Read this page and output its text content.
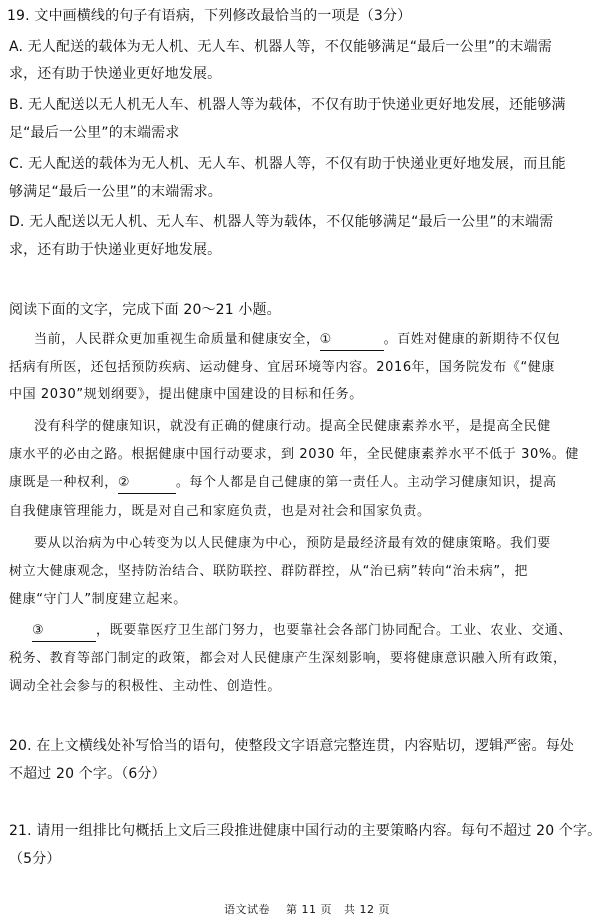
19. 文中画横线的句子有语病，下列修改最恰当的一项是（3分）
A. 无人配送的载体为无人机、无人车、机器人等，不仅能够满足“最后一公里”的末端需
求，还有助于快递业更好地发展。
B. 无人配送以无人机无人车、机器人等为载体，不仅有助于快递业更好地发展，还能够满
足“最后一公里”的末端需求
C. 无人配送的载体为无人机、无人车、机器人等，不仅有助于快递业更好地发展，而且能
够满足“最后一公里”的末端需求。
D. 无人配送以无人机、无人车、机器人等为载体，不仅能够满足“最后一公里”的末端需
求，还有助于快递业更好地发展。
阅读下面的文字，完成下面 20～21 小题。
当前，人民群众更加重视生命质量和健康安全，①	。百姓对健康的新期待不仅包
括病有所医，还包括预防疾病、运动健身、宜居环境等内容。2016年，国务院发布《“健康
中国 2030”规划纲要》，提出健康中国建设的目标和任务。
没有科学的健康知识，就没有正确的健康行动。提高全民健康素养水平，是提高全民健
康水平的必由之路。根据健康中国行动要求，到 2030 年，全民健康素养水平不低于 30%。健
康既是一种权利，②	。每个人都是自己健康的第一责任人。主动学习健康知识，提高
自我健康管理能力，既是对自己和家庭负责，也是对社会和国家负责。
要从以治病为中心转变为以人民健康为中心，预防是最经济最有效的健康策略。我们要
树立大健康观念，坚持防治结合、联防联控、群防群控，从“治已病”转向“治未病”，把
健康“守门人”制度建立起来。
③	，既要靠医疗卫生部门努力，也要靠社会各部门协同配合。工业、农业、交通、
税务、教育等部门制定的政策，都会对人民健康产生深刻影响，要将健康意识融入所有政策，
调动全社会参与的积极性、主动性、创造性。
20. 在上文横线处补写恰当的语句，使整段文字语意完整连贯，内容贴切，逻辑严密。每处
不超过 20 个字。（6分）
21. 请用一组排比句概括上文后三段推进健康中国行动的主要策略内容。每句不超过 20 个字。
（5分）
语文试卷 第 11 页 共 12 页
